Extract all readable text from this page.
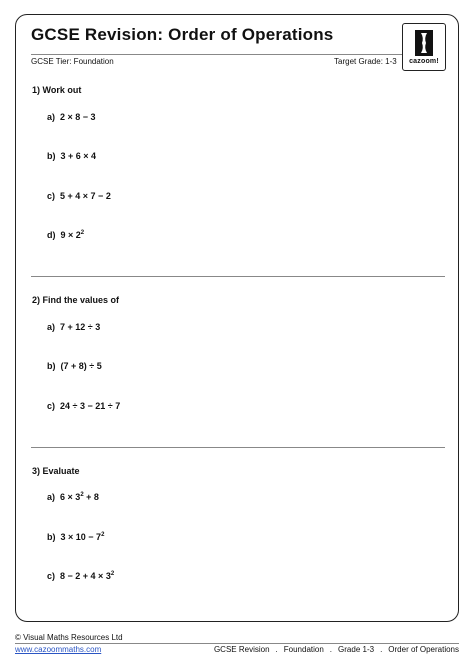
GCSE Revision: Order of Operations
GCSE Tier: Foundation	Target Grade: 1-3	cazoom!
1) Work out
a) 2 × 8 − 3
b) 3 + 6 × 4
c) 5 + 4 × 7 − 2
d) $9 \times 2^2$
2) Find the values of
a) 7 + 12 ÷ 3
b) (7 + 8) ÷ 5
c) 24 ÷ 3 − 21 ÷ 7
3) Evaluate
a) $6 \times 3^2 + 8$
b) $3 \times 10 - 7^2$
c) $8 - 2 + 4 \times 3^2$
© Visual Maths Resources Ltd
www.cazoommaths.com	GCSE Revision . Foundation . Grade 1-3 . Order of Operations
